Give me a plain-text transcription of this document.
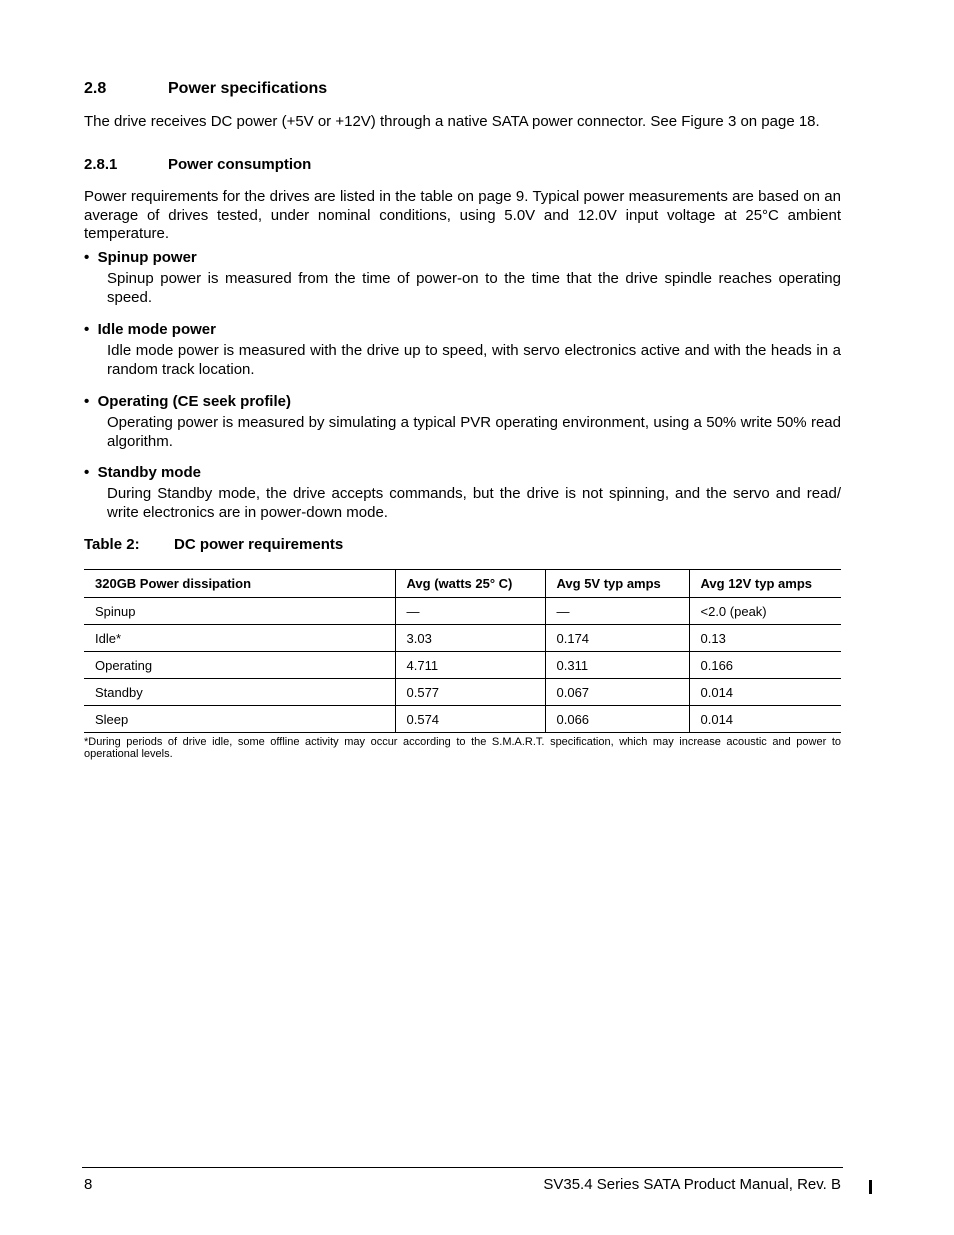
2.8	Power specifications
The drive receives DC power (+5V or +12V) through a native SATA power connector. See Figure 3 on page 18.
2.8.1	Power consumption
Power requirements for the drives are listed in the table on page 9. Typical power measurements are based on an average of drives tested, under nominal conditions, using 5.0V and 12.0V input voltage at 25°C ambient temperature.
• Spinup power
Spinup power is measured from the time of power-on to the time that the drive spindle reaches operating speed.
• Idle mode power
Idle mode power is measured with the drive up to speed, with servo electronics active and with the heads in a random track location.
• Operating (CE seek profile)
Operating power is measured by simulating a typical PVR operating environment, using a 50% write 50% read algorithm.
• Standby mode
During Standby mode, the drive accepts commands, but the drive is not spinning, and the servo and read/ write electronics are in power-down mode.
Table 2: DC power requirements
320GB Power dissipation	Avg (watts 25° C)	Avg 5V typ amps	Avg 12V typ amps
Spinup	—	—	<2.0 (peak)
Idle*	3.03	0.174	0.13
Operating	4.711	0.311	0.166
Standby	0.577	0.067	0.014
Sleep	0.574	0.066	0.014
*During periods of drive idle, some offline activity may occur according to the S.M.A.R.T. specification, which may increase acoustic and power to operational levels.
8	SV35.4 Series SATA Product Manual, Rev. B
